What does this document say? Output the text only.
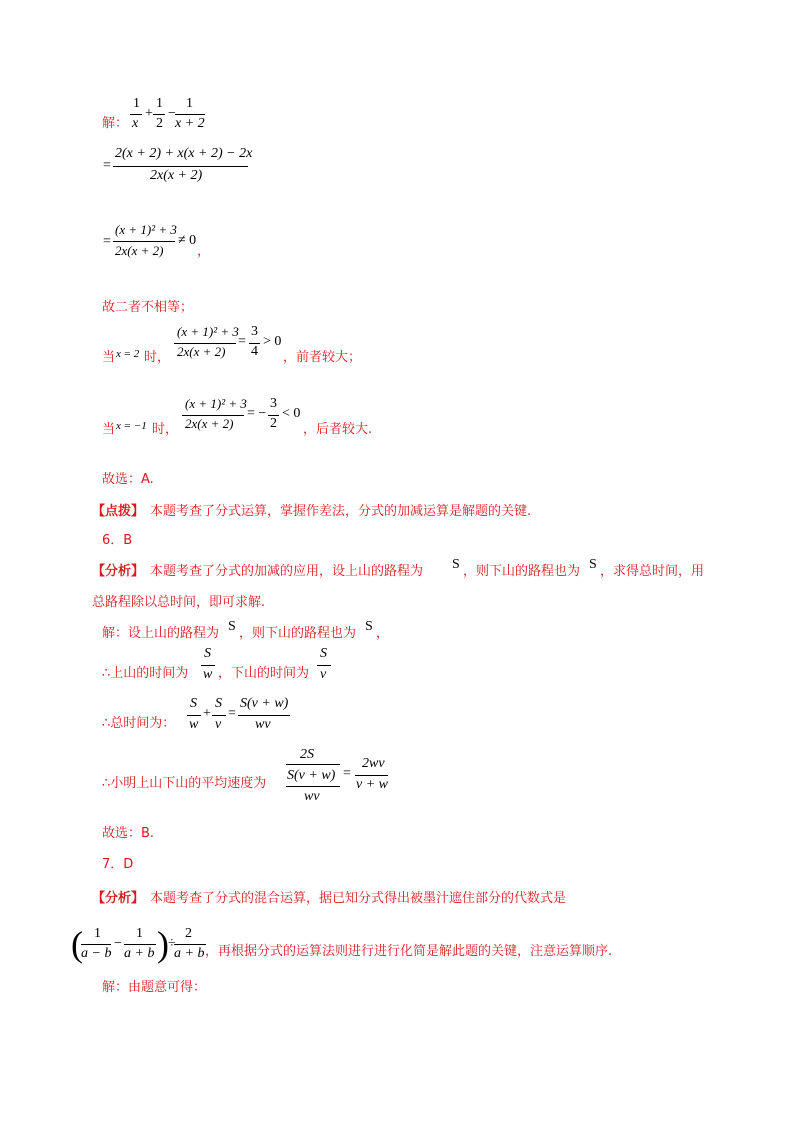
解：
1
x
+
1
2
−
1
x + 2
=
2(x + 2) + x(x + 2) − 2x
2x(x + 2)
=
(x + 1)² + 3
2x(x + 2)
≠ 0
，
故二者不相等；
当 x = 2 时，
(x + 1)² + 3
2x(x + 2)
=
3
4
> 0
，前者较大；
当 x = −1 时，
(x + 1)² + 3
2x(x + 2)
= −
3
2
< 0
，后者较大.
故选：A.
【点拨】 本题考查了分式运算，掌握作差法，分式的加减运算是解题的关键.
6．B
【分析】 本题考查了分式的加减的应用，设上山的路程为 S ，则下山的路程也为 S ，求得总时间，用
总路程除以总时间，即可求解.
解：设上山的路程为 S ，则下山的路程也为 S ，
∴上山的时间为
S
w ，下山的时间为
S
v
∴总时间为：
S
w
+
S
v
=
S(v + w)
wv
∴小明上山下山的平均速度为
2S
S(v + w)
wv
=
2wv
v + w
故选：B.
7．D
【分析】 本题考查了分式的混合运算，据已知分式得出被墨汁遮住部分的代数式是
( 1
a − b
−
1
a + b ) ÷
2
a + b ，再根据分式的运算法则进行进行化简是解此题的关键，注意运算顺序.
解：由题意可得：
